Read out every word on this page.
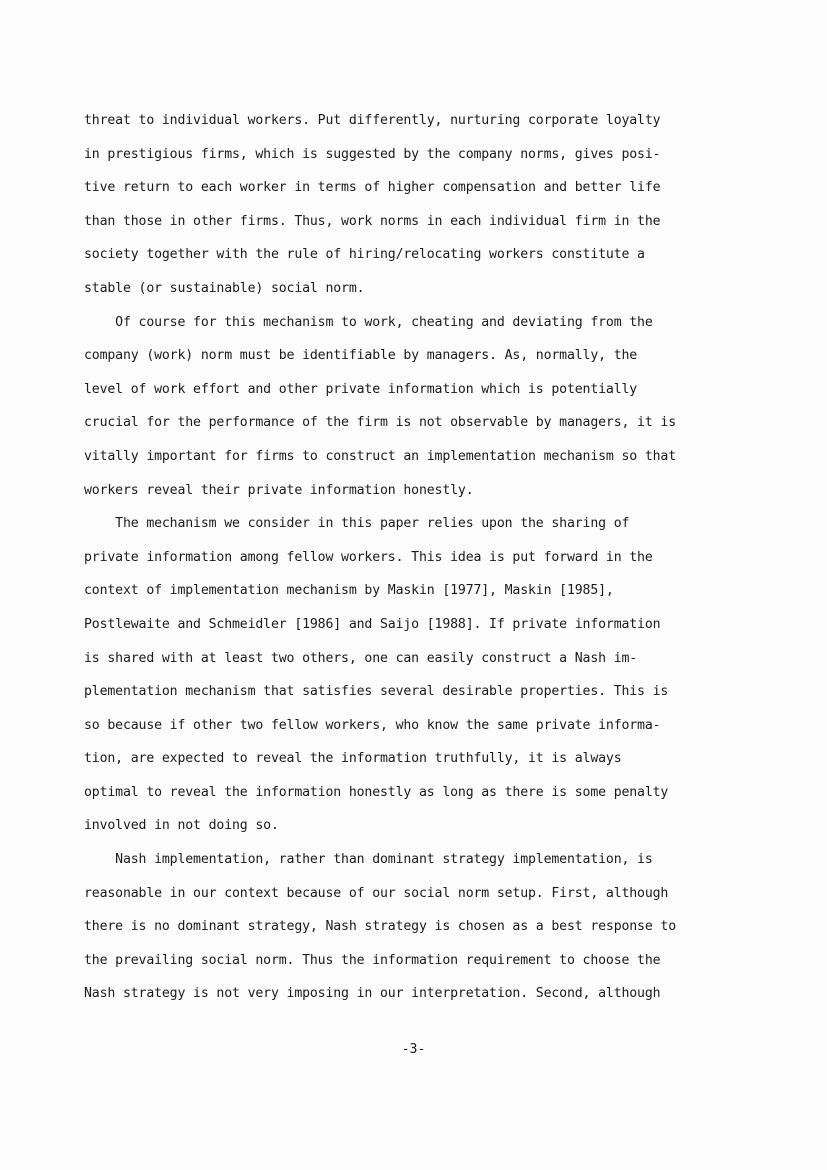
threat to individual workers. Put differently, nurturing corporate loyalty
in prestigious firms, which is suggested by the company norms, gives posi-
tive return to each worker in terms of higher compensation and better life
than those in other firms. Thus, work norms in each individual firm in the
society together with the rule of hiring/relocating workers constitute a
stable (or sustainable) social norm.
Of course for this mechanism to work, cheating and deviating from the
company (work) norm must be identifiable by managers. As, normally, the
level of work effort and other private information which is potentially
crucial for the performance of the firm is not observable by managers, it is
vitally important for firms to construct an implementation mechanism so that
workers reveal their private information honestly.
The mechanism we consider in this paper relies upon the sharing of
private information among fellow workers. This idea is put forward in the
context of implementation mechanism by Maskin [1977], Maskin [1985],
Postlewaite and Schmeidler [1986] and Saijo [1988]. If private information
is shared with at least two others, one can easily construct a Nash im-
plementation mechanism that satisfies several desirable properties. This is
so because if other two fellow workers, who know the same private informa-
tion, are expected to reveal the information truthfully, it is always
optimal to reveal the information honestly as long as there is some penalty
involved in not doing so.
Nash implementation, rather than dominant strategy implementation, is
reasonable in our context because of our social norm setup. First, although
there is no dominant strategy, Nash strategy is chosen as a best response to
the prevailing social norm. Thus the information requirement to choose the
Nash strategy is not very imposing in our interpretation. Second, although
-3-
